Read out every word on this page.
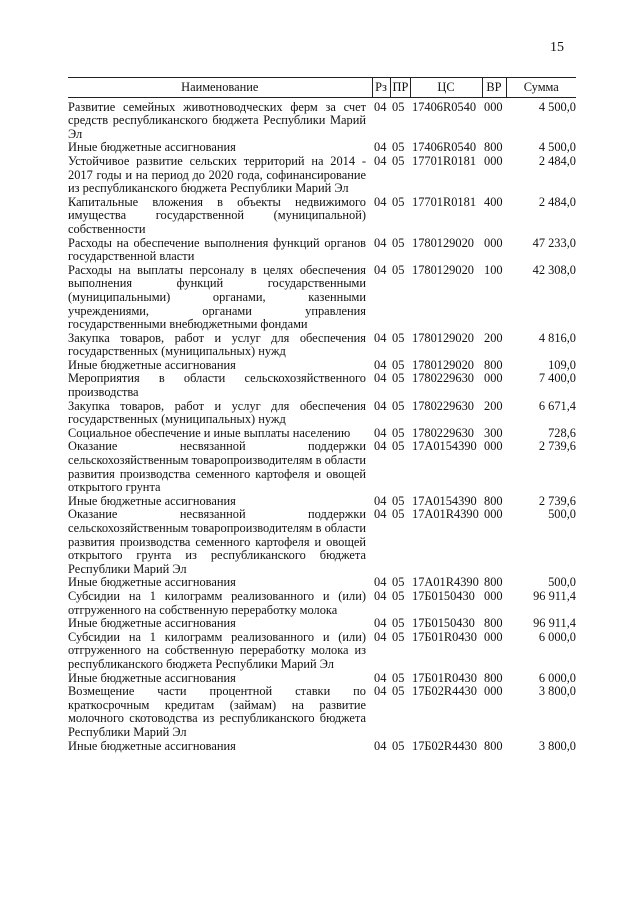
15
Наименование	Рз	ПР	ЦС	ВР	Сумма
Развитие семейных животноводческих ферм за счет средств республиканского бюджета Республики Марий Эл	04	05	17406R0540	000	4 500,0
Иные бюджетные ассигнования	04	05	17406R0540	800	4 500,0
Устойчивое развитие сельских территорий на 2014 - 2017 годы и на период до 2020 года, софинансирование из республиканского бюджета Республики Марий Эл	04	05	17701R0181	000	2 484,0
Капитальные вложения в объекты недвижимого имущества государственной (муниципальной) собственности	04	05	17701R0181	400	2 484,0
Расходы на обеспечение выполнения функций органов государственной власти	04	05	1780129020	000	47 233,0
Расходы на выплаты персоналу в целях обеспечения выполнения функций государственными (муниципальными) органами, казенными учреждениями, органами управления государственными внебюджетными фондами	04	05	1780129020	100	42 308,0
Закупка товаров, работ и услуг для обеспечения государственных (муниципальных) нужд	04	05	1780129020	200	4 816,0
Иные бюджетные ассигнования	04	05	1780129020	800	109,0
Мероприятия в области сельскохозяйственного производства	04	05	1780229630	000	7 400,0
Закупка товаров, работ и услуг для обеспечения государственных (муниципальных) нужд	04	05	1780229630	200	6 671,4
Социальное обеспечение и иные выплаты населению	04	05	1780229630	300	728,6
Оказание несвязанной поддержки сельскохозяйственным товаропроизводителям в области развития производства семенного картофеля и овощей открытого грунта	04	05	17А0154390	000	2 739,6
Иные бюджетные ассигнования	04	05	17А0154390	800	2 739,6
Оказание несвязанной поддержки сельскохозяйственным товаропроизводителям в области развития производства семенного картофеля и овощей открытого грунта из республиканского бюджета Республики Марий Эл	04	05	17А01R4390	000	500,0
Иные бюджетные ассигнования	04	05	17А01R4390	800	500,0
Субсидии на 1 килограмм реализованного и (или) отгруженного на собственную переработку молока	04	05	17Б0150430	000	96 911,4
Иные бюджетные ассигнования	04	05	17Б0150430	800	96 911,4
Субсидии на 1 килограмм реализованного и (или) отгруженного на собственную переработку молока из республиканского бюджета Республики Марий Эл	04	05	17Б01R0430	000	6 000,0
Иные бюджетные ассигнования	04	05	17Б01R0430	800	6 000,0
Возмещение части процентной ставки по краткосрочным кредитам (займам) на развитие молочного скотоводства из республиканского бюджета Республики Марий Эл	04	05	17Б02R4430	000	3 800,0
Иные бюджетные ассигнования	04	05	17Б02R4430	800	3 800,0
